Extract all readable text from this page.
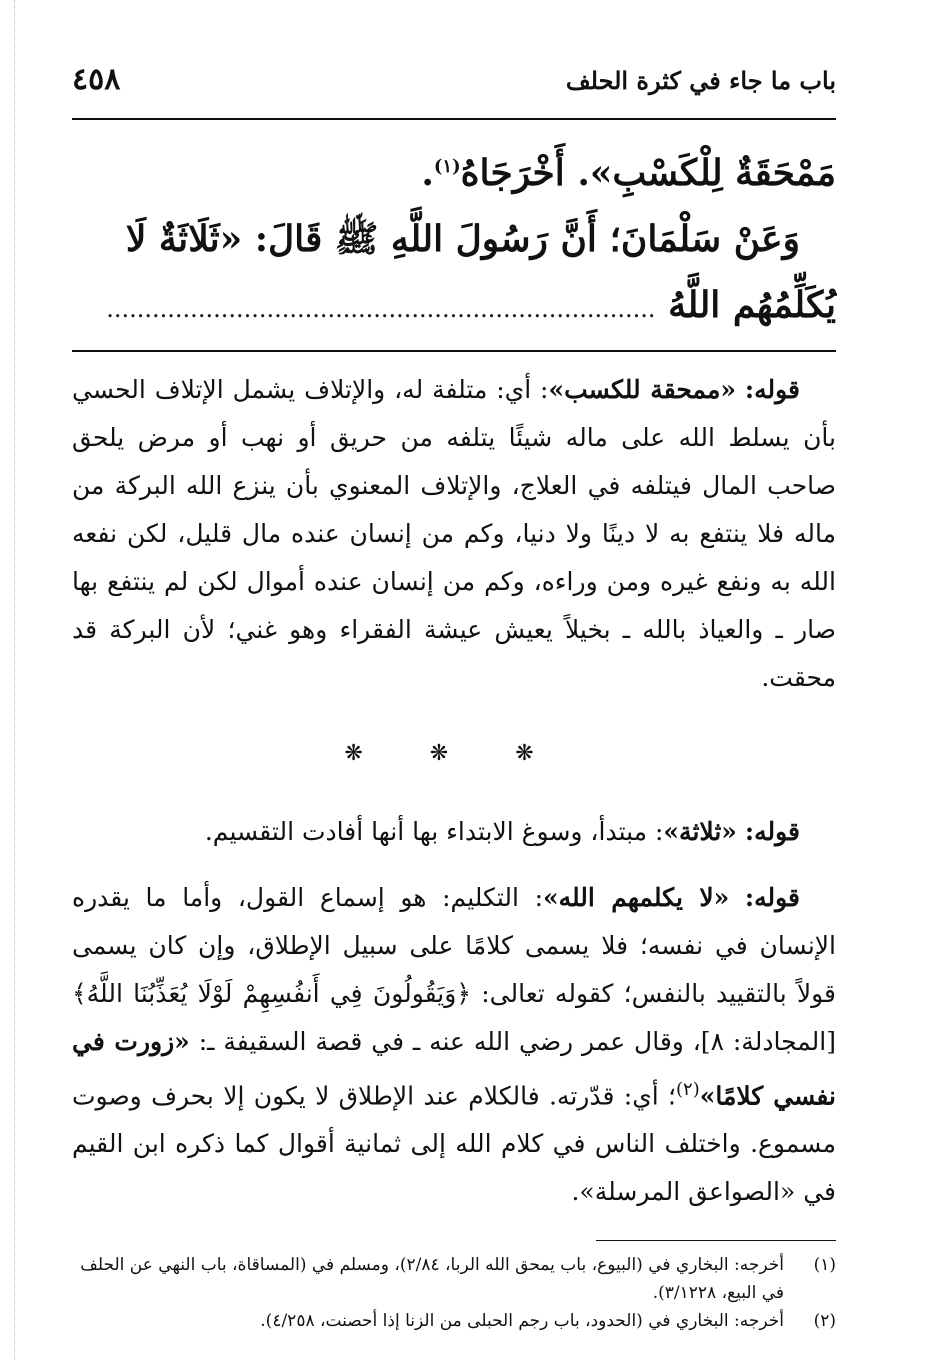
باب ما جاء في كثرة الحلف
٤٥٨

مَمْحَقَةٌ لِلْكَسْبِ». أَخْرَجَاهُ$^{(١)}$.

وَعَنْ سَلْمَانَ؛ أَنَّ رَسُولَ اللَّهِ ﷺ قَالَ: «ثَلَاثَةٌ لَا

يُكَلِّمُهُم اللَّهُ ........................................................................

قوله: «ممحقة للكسب»: أي: متلفة له، والإتلاف يشمل الإتلاف الحسي بأن يسلط الله على ماله شيئًا يتلفه من حريق أو نهب أو مرض يلحق صاحب المال فيتلفه في العلاج، والإتلاف المعنوي بأن ينزع الله البركة من ماله فلا ينتفع به لا دينًا ولا دنيا، وكم من إنسان عنده مال قليل، لكن نفعه الله به ونفع غيره ومن وراءه، وكم من إنسان عنده أموال لكن لم ينتفع بها صار ـ والعياذ بالله ـ بخيلاً يعيش عيشة الفقراء وهو غني؛ لأن البركة قد محقت.

❋ ❋ ❋

قوله: «ثلاثة»: مبتدأ، وسوغ الابتداء بها أنها أفادت التقسيم.

قوله: «لا يكلمهم الله»: التكليم: هو إسماع القول، وأما ما يقدره الإنسان في نفسه؛ فلا يسمى كلامًا على سبيل الإطلاق، وإن كان يسمى قولاً بالتقييد بالنفس؛ كقوله تعالى: ﴿وَيَقُولُونَ فِي أَنفُسِهِمْ لَوْلَا يُعَذِّبُنَا اللَّهُ﴾ [المجادلة: ٨]، وقال عمر رضي الله عنه ـ في قصة السقيفة ـ: «زورت في نفسي كلامًا»$^{(٢)}$؛ أي: قدّرته. فالكلام عند الإطلاق لا يكون إلا بحرف وصوت مسموع. واختلف الناس في كلام الله إلى ثمانية أقوال كما ذكره ابن القيم في «الصواعق المرسلة».

(١)
أخرجه: البخاري في (البيوع، باب يمحق الله الربا، ٢/٨٤)، ومسلم في (المساقاة، باب النهي عن الحلف في البيع، ٣/١٢٢٨).
(٢)
أخرجه: البخاري في (الحدود، باب رجم الحبلى من الزنا إذا أحصنت، ٤/٢٥٨).
